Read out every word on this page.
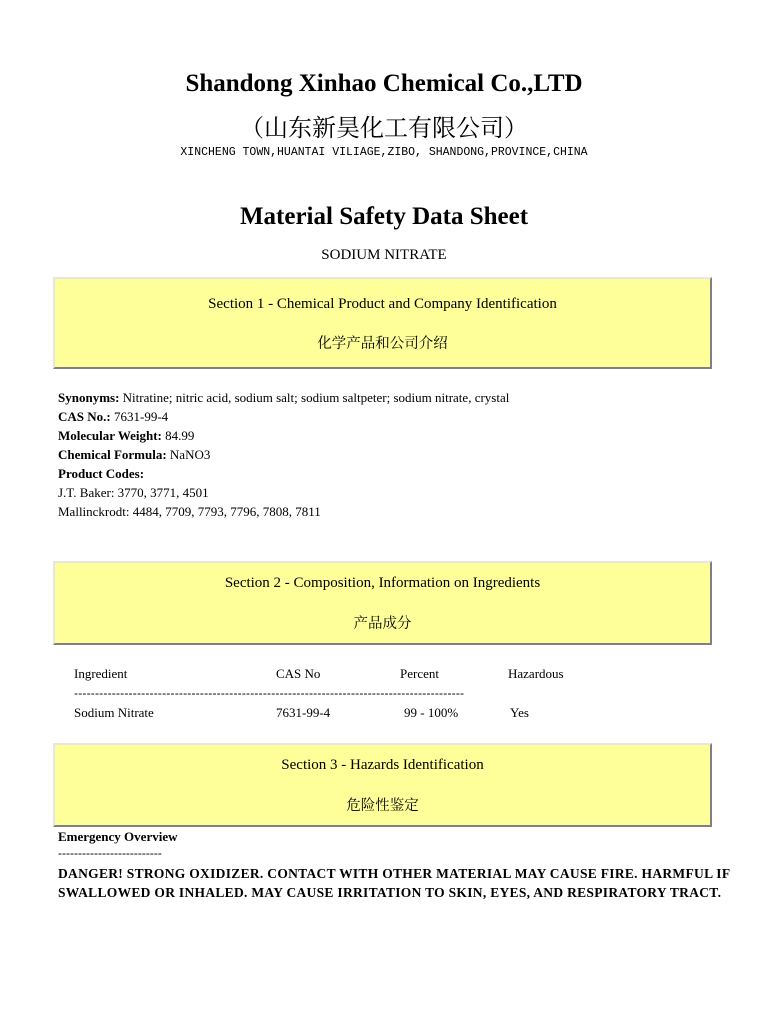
Shandong Xinhao Chemical Co.,LTD
（山东新昊化工有限公司）
XINCHENG TOWN,HUANTAI VILIAGE,ZIBO, SHANDONG,PROVINCE,CHINA
Material Safety Data Sheet
SODIUM NITRATE
Section 1 - Chemical Product and Company Identification
化学产品和公司介绍
Synonyms: Nitratine; nitric acid, sodium salt; sodium saltpeter; sodium nitrate, crystal
CAS No.: 7631-99-4
Molecular Weight: 84.99
Chemical Formula: NaNO3
Product Codes:
J.T. Baker: 3770, 3771, 4501
Mallinckrodt: 4484, 7709, 7793, 7796, 7808, 7811
Section 2 - Composition, Information on Ingredients
产品成分
Ingredient	CAS No	Percent	Hazardous
---------------------------------------------------------------------------------------------
Sodium Nitrate	7631-99-4	99 - 100%	Yes
Section 3 - Hazards Identification
危险性鉴定
Emergency Overview
--------------------------
DANGER! STRONG OXIDIZER. CONTACT WITH OTHER MATERIAL MAY CAUSE FIRE. HARMFUL IF SWALLOWED OR INHALED. MAY CAUSE IRRITATION TO SKIN, EYES, AND RESPIRATORY TRACT.
